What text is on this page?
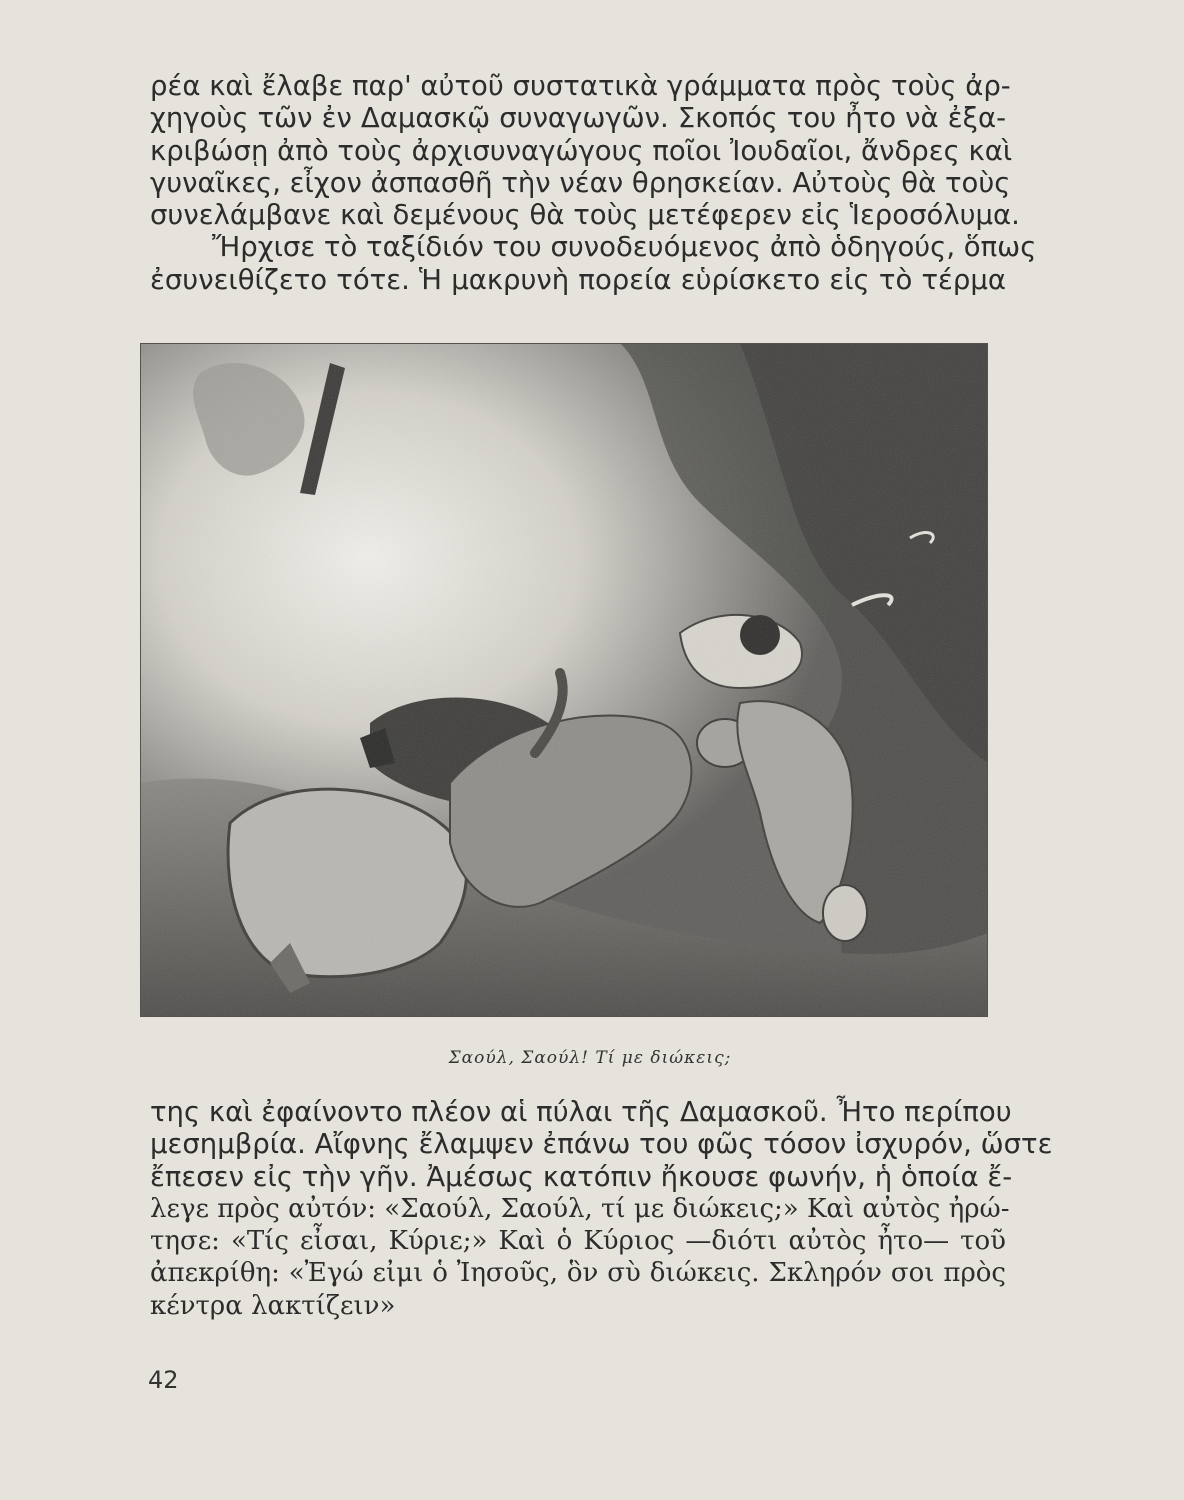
ρέα καὶ ἔλαβε παρ' αὐτοῦ συστατικὰ γράμματα πρὸς τοὺς ἀρ-
χηγοὺς τῶν ἐν Δαμασκῷ συναγωγῶν. Σκοπός του ἦτο νὰ ἐξα-
κριβώσῃ ἀπὸ τοὺς ἀρχισυναγώγους ποῖοι Ἰουδαῖοι, ἄνδρες καὶ
γυναῖκες, εἶχον ἀσπασθῆ τὴν νέαν θρησκείαν. Αὐτοὺς θὰ τοὺς
συνελάμβανε καὶ δεμένους θὰ τοὺς μετέφερεν εἰς Ἱεροσόλυμα.
Ἤρχισε τὸ ταξίδιόν του συνοδευόμενος ἀπὸ ὁδηγούς, ὅπως
ἐσυνειθίζετο τότε. Ἡ μακρυνὴ πορεία εὑρίσκετο εἰς τὸ τέρμα
Σαούλ, Σαούλ! Τί με διώκεις;
της καὶ ἐφαίνοντο πλέον αἱ πύλαι τῆς Δαμασκοῦ. Ἦτο περίπου
μεσημβρία. Αἴφνης ἔλαμψεν ἐπάνω του φῶς τόσον ἰσχυρόν, ὥστε
ἔπεσεν εἰς τὴν γῆν. Ἀμέσως κατόπιν ἤκουσε φωνήν, ἡ ὁποία ἔ-
λεγε πρὸς αὐτόν: «Σαούλ, Σαούλ, τί με διώκεις;» Καὶ αὐτὸς ἠρώ-
τησε: «Τίς εἶσαι, Κύριε;» Καὶ ὁ Κύριος —διότι αὐτὸς ἦτο— τοῦ
ἀπεκρίθη: «Ἐγώ εἰμι ὁ Ἰησοῦς, ὃν σὺ διώκεις. Σκληρόν σοι πρὸς
κέντρα λακτίζειν»
42
